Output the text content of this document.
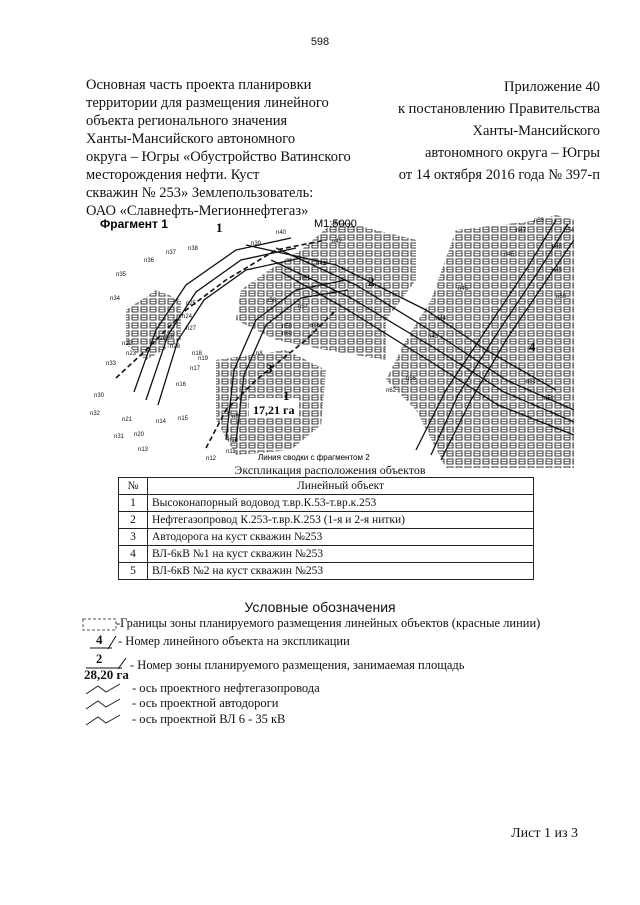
598
Основная часть проекта планировки
территории для размещения линейного
объекта регионального значения
Ханты-Мансийского автономного
округа – Югры «Обустройство Ватинского
месторождения нефти. Куст
скважин № 253» Землепользователь:
ОАО «Славнефть-Мегионнефтегаз»
Приложение 40
к постановлению Правительства
Ханты-Мансийского
автономного округа – Югры
от 14 октября 2016 года № 397-п
Фрагмент 1	М1:5000
1
2
3
4
1
17,21 га
Линия сводки с фрагментом 2
n30
n33
n34
n35
n36
n37
n38
n39
n40
n41
n42
n32
n21
n31 n20
n13
n12
n10
n11
n14 n15
n16
n17
n18
n19
n9
n8
n22
n23
n24
n25
n26
n27
n28
n29	n43
n44
n45
n46
n47
n48
n49
n50
n51
n52
n53
n54
n55
n56
n57
n58
n59
n60
n61
n62
Экспликация расположения объектов
№	Линейный объект
1	Высоконапорный водовод т.вр.К.53-т.вр.к.253
2	Нефтегазопровод К.253-т.вр.К.253 (1-я и 2-я нитки)
3	Автодорога на куст скважин №253
4	ВЛ-6кВ №1 на куст скважин №253
5	ВЛ-6кВ №2 на куст скважин №253
Условные обозначения
-Границы зоны планируемого размещения линейных объектов (красные линии)
4 - Номер линейного объекта на экспликации
2
28,20 га
- Номер зоны планируемого размещения, занимаемая площадь
- ось проектного нефтегазопровода
- ось проектной автодороги
- ось проектной ВЛ 6 - 35 кВ
Лист 1 из 3
